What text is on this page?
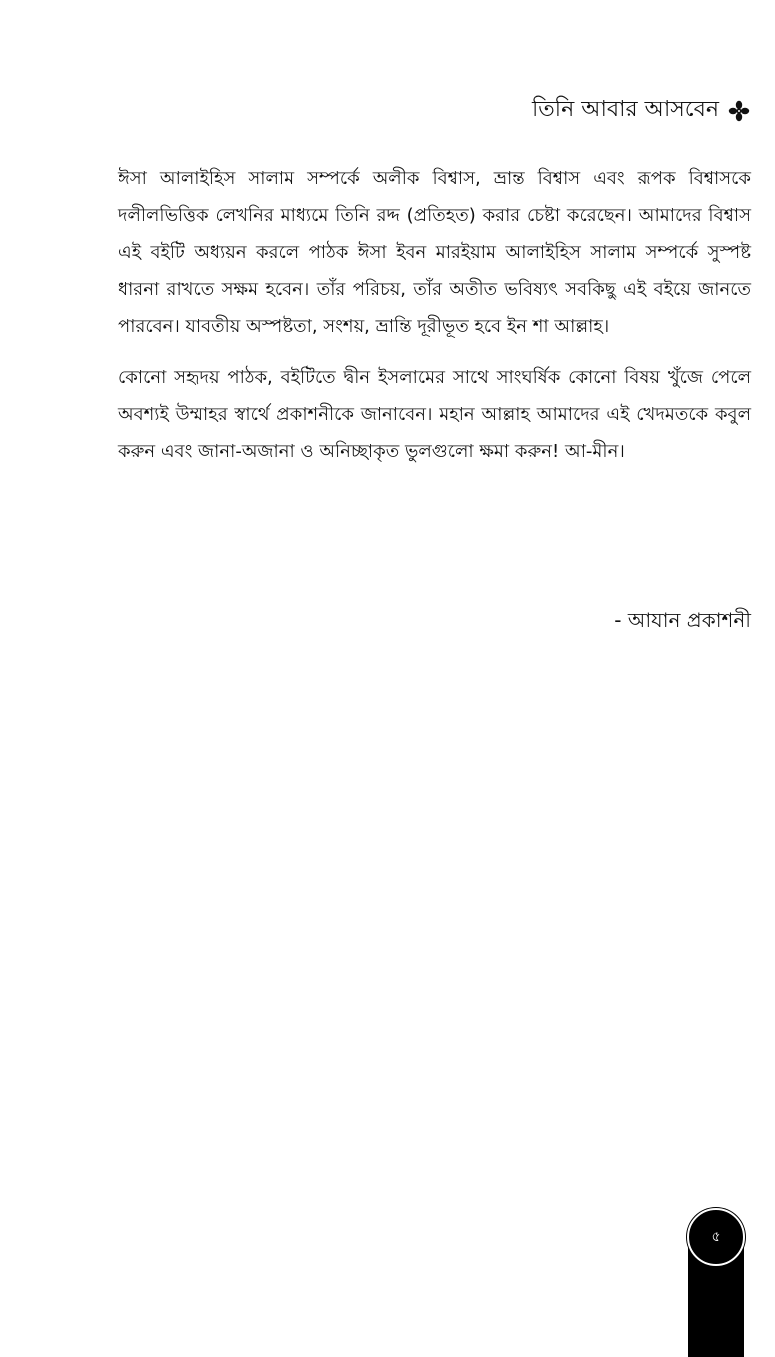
তিনি আবার আসবেন

ঈসা আলাইহিস সালাম সম্পর্কে অলীক বিশ্বাস, ভ্রান্ত বিশ্বাস এবং রূপক বিশ্বাসকে দলীলভিত্তিক লেখনির মাধ্যমে তিনি রদ্দ (প্রতিহত) করার চেষ্টা করেছেন। আমাদের বিশ্বাস এই বইটি অধ্যয়ন করলে পাঠক ঈসা ইবন মারইয়াম আলাইহিস সালাম সম্পর্কে সুস্পষ্ট ধারনা রাখতে সক্ষম হবেন। তাঁর পরিচয়, তাঁর অতীত ভবিষ্যৎ সবকিছু এই বইয়ে জানতে পারবেন। যাবতীয় অস্পষ্টতা, সংশয়, ভ্রান্তি দূরীভূত হবে ইন শা আল্লাহ।

কোনো সহৃদয় পাঠক, বইটিতে দ্বীন ইসলামের সাথে সাংঘর্ষিক কোনো বিষয় খুঁজে পেলে অবশ্যই উম্মাহর স্বার্থে প্রকাশনীকে জানাবেন। মহান আল্লাহ আমাদের এই খেদমতকে কবুল করুন এবং জানা-অজানা ও অনিচ্ছাকৃত ভুলগুলো ক্ষমা করুন! আ-মীন।

- আযান প্রকাশনী
৫
